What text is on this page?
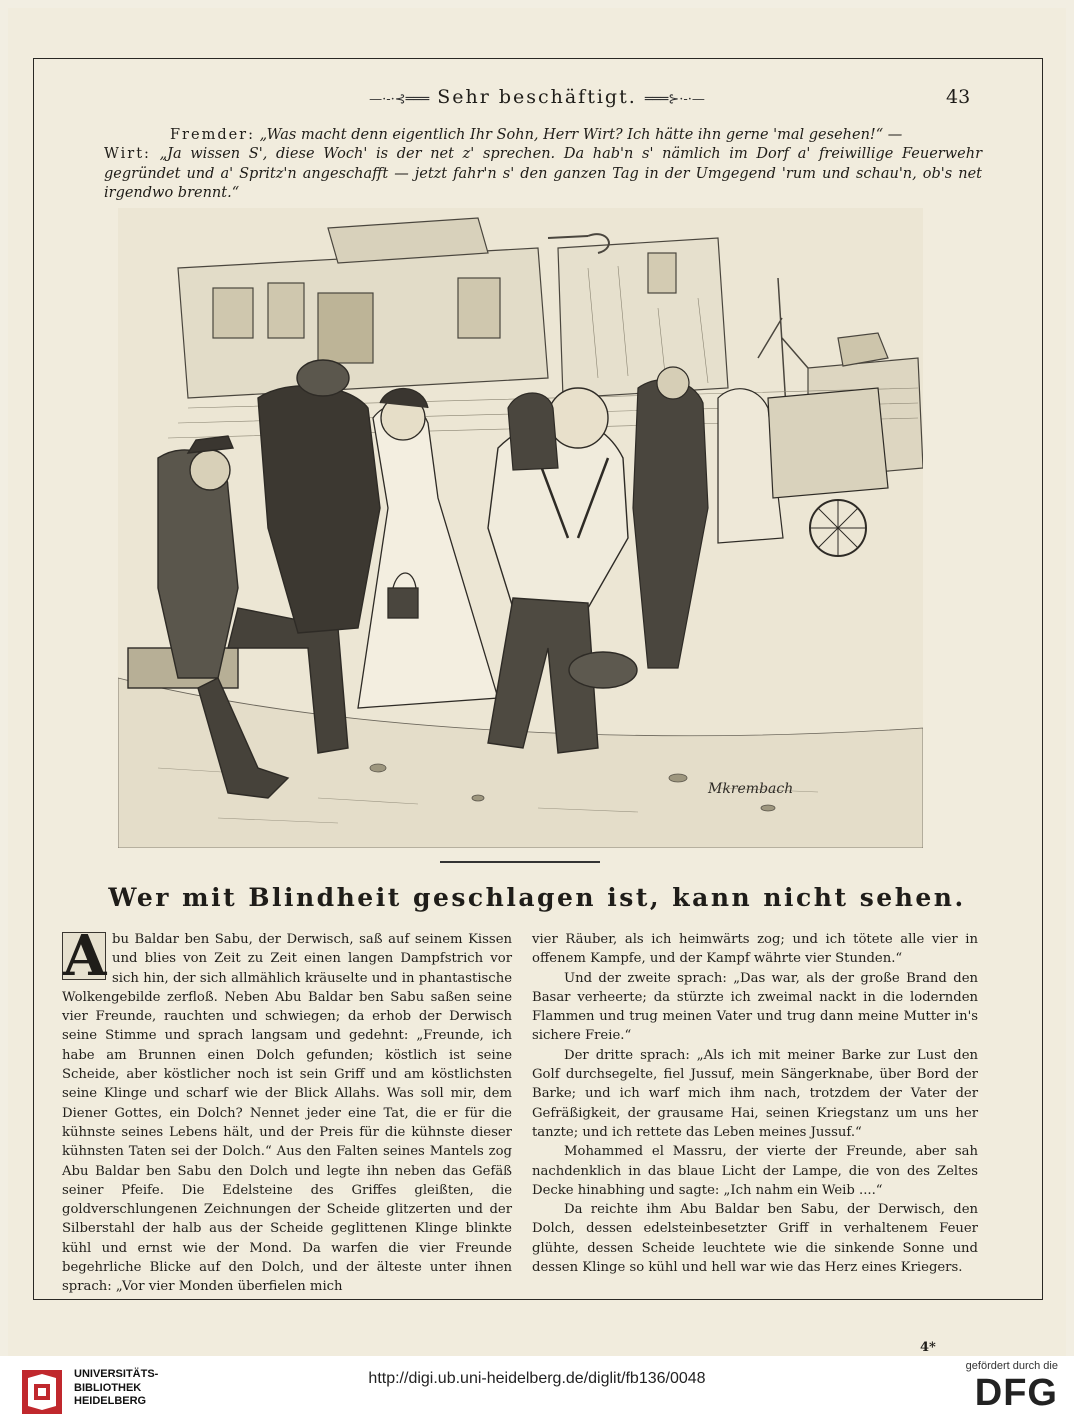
—·-·⊰═══ Sehr beschäftigt. ═══⊱·-·—	43

Fremder: „Was macht denn eigentlich Ihr Sohn, Herr Wirt? Ich hätte ihn gerne 'mal gesehen!“ —

Wirt: „Ja wissen S', diese Woch' is der net z' sprechen. Da hab'n s' nämlich im Dorf a' freiwillige Feuerwehr gegründet und a' Spritz'n angeschafft — jetzt fahr'n s' den ganzen Tag in der Umgegend 'rum und schau'n, ob's net irgendwo brennt.“

Mkrembach
Wer mit Blindheit geschlagen ist, kann nicht sehen.

A bu Baldar ben Sabu, der Derwisch, saß auf seinem Kissen und blies von Zeit zu Zeit einen langen Dampfstrich vor sich hin, der sich allmählich kräuselte und in phantastische Wolkengebilde zerfloß. Neben Abu Baldar ben Sabu saßen seine vier Freunde, rauchten und schwiegen; da erhob der Derwisch seine Stimme und sprach langsam und gedehnt: „Freunde, ich habe am Brunnen einen Dolch gefunden; köstlich ist seine Scheide, aber köstlicher noch ist sein Griff und am köstlichsten seine Klinge und scharf wie der Blick Allahs. Was soll mir, dem Diener Gottes, ein Dolch? Nennet jeder eine Tat, die er für die kühnste seines Lebens hält, und der Preis für die kühnste dieser kühnsten Taten sei der Dolch.“ Aus den Falten seines Mantels zog Abu Baldar ben Sabu den Dolch und legte ihn neben das Gefäß seiner Pfeife. Die Edelsteine des Griffes gleißten, die goldverschlungenen Zeichnungen der Scheide glitzerten und der Silberstahl der halb aus der Scheide geglittenen Klinge blinkte kühl und ernst wie der Mond. Da warfen die vier Freunde begehrliche Blicke auf den Dolch, und der älteste unter ihnen sprach: „Vor vier Monden überfielen mich

vier Räuber, als ich heimwärts zog; und ich tötete alle vier in offenem Kampfe, und der Kampf währte vier Stunden.“

Und der zweite sprach: „Das war, als der große Brand den Basar verheerte; da stürzte ich zweimal nackt in die lodernden Flammen und trug meinen Vater und trug dann meine Mutter in's sichere Freie.“

Der dritte sprach: „Als ich mit meiner Barke zur Lust den Golf durchsegelte, fiel Jussuf, mein Sängerknabe, über Bord der Barke; und ich warf mich ihm nach, trotzdem der Vater der Gefräßigkeit, der grausame Hai, seinen Kriegstanz um uns her tanzte; und ich rettete das Leben meines Jussuf.“

Mohammed el Massru, der vierte der Freunde, aber sah nachdenklich in das blaue Licht der Lampe, die von des Zeltes Decke hinabhing und sagte: „Ich nahm ein Weib ....“

Da reichte ihm Abu Baldar ben Sabu, der Derwisch, den Dolch, dessen edelsteinbesetzter Griff in verhaltenem Feuer glühte, dessen Scheide leuchtete wie die sinkende Sonne und dessen Klinge so kühl und hell war wie das Herz eines Kriegers.

4*
UNIVERSITÄTS-
BIBLIOTHEK
HEIDELBERG
http://digi.ub.uni-heidelberg.de/diglit/fb136/0048
gefördert durch die
DFG
